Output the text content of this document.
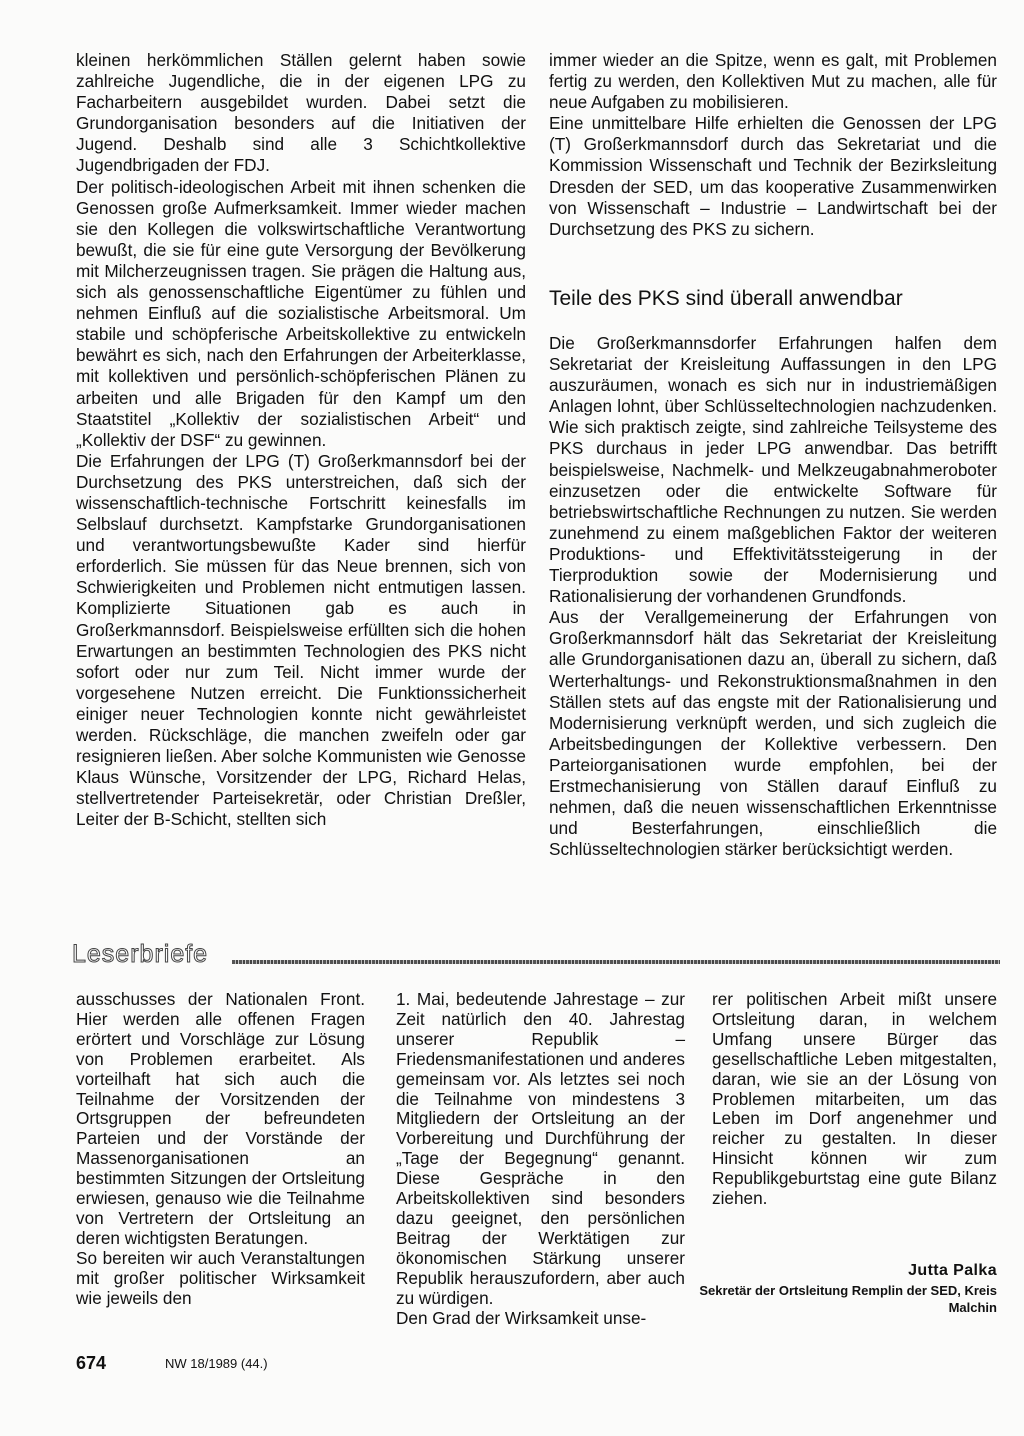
kleinen herkömmlichen Ställen gelernt haben sowie zahlreiche Jugendliche, die in der eigenen LPG zu Facharbeitern ausgebildet wurden. Dabei setzt die Grundorganisation besonders auf die Initiativen der Jugend. Deshalb sind alle 3 Schichtkollektive Jugendbrigaden der FDJ.

Der politisch-ideologischen Arbeit mit ihnen schenken die Genossen große Aufmerksamkeit. Immer wieder machen sie den Kollegen die volkswirtschaftliche Verantwortung bewußt, die sie für eine gute Versorgung der Bevölkerung mit Milcherzeugnissen tragen. Sie prägen die Haltung aus, sich als genossenschaftliche Eigentümer zu fühlen und nehmen Einfluß auf die sozialistische Arbeitsmoral. Um stabile und schöpferische Arbeitskollektive zu entwickeln bewährt es sich, nach den Erfahrungen der Arbeiterklasse, mit kollektiven und persönlich-schöpferischen Plänen zu arbeiten und alle Brigaden für den Kampf um den Staatstitel „Kollektiv der sozialistischen Arbeit“ und „Kollektiv der DSF“ zu gewinnen.

Die Erfahrungen der LPG (T) Großerkmannsdorf bei der Durchsetzung des PKS unterstreichen, daß sich der wissenschaftlich-technische Fortschritt keinesfalls im Selbslauf durchsetzt. Kampfstarke Grundorganisationen und verantwortungsbewußte Kader sind hierfür erforderlich. Sie müssen für das Neue brennen, sich von Schwierigkeiten und Problemen nicht entmutigen lassen. Komplizierte Situationen gab es auch in Großerkmannsdorf. Beispielsweise erfüllten sich die hohen Erwartungen an bestimmten Technologien des PKS nicht sofort oder nur zum Teil. Nicht immer wurde der vorgesehene Nutzen erreicht. Die Funktionssicherheit einiger neuer Technologien konnte nicht gewährleistet werden. Rückschläge, die manchen zweifeln oder gar resignieren ließen. Aber solche Kommunisten wie Genosse Klaus Wünsche, Vorsitzender der LPG, Richard Helas, stellvertretender Parteisekretär, oder Christian Dreßler, Leiter der B-Schicht, stellten sich

immer wieder an die Spitze, wenn es galt, mit Problemen fertig zu werden, den Kollektiven Mut zu machen, alle für neue Aufgaben zu mobilisieren.

Eine unmittelbare Hilfe erhielten die Genossen der LPG (T) Großerkmannsdorf durch das Sekretariat und die Kommission Wissenschaft und Technik der Bezirksleitung Dresden der SED, um das kooperative Zusammenwirken von Wissenschaft – Industrie – Landwirtschaft bei der Durchsetzung des PKS zu sichern.

Teile des PKS sind überall anwendbar

Die Großerkmannsdorfer Erfahrungen halfen dem Sekretariat der Kreisleitung Auffassungen in den LPG auszuräumen, wonach es sich nur in industriemäßigen Anlagen lohnt, über Schlüsseltechnologien nachzudenken. Wie sich praktisch zeigte, sind zahlreiche Teilsysteme des PKS durchaus in jeder LPG anwendbar. Das betrifft beispielsweise, Nachmelk- und Melkzeugabnahmeroboter einzusetzen oder die entwickelte Software für betriebswirtschaftliche Rechnungen zu nutzen. Sie werden zunehmend zu einem maßgeblichen Faktor der weiteren Produktions- und Effektivitätssteigerung in der Tierproduktion sowie der Modernisierung und Rationalisierung der vorhandenen Grundfonds.

Aus der Verallgemeinerung der Erfahrungen von Großerkmannsdorf hält das Sekretariat der Kreisleitung alle Grundorganisationen dazu an, überall zu sichern, daß Werterhaltungs- und Rekonstruktionsmaßnahmen in den Ställen stets auf das engste mit der Rationalisierung und Modernisierung verknüpft werden, und sich zugleich die Arbeitsbedingungen der Kollektive verbessern. Den Parteiorganisationen wurde empfohlen, bei der Erstmechanisierung von Ställen darauf Einfluß zu nehmen, daß die neuen wissenschaftlichen Erkenntnisse und Besterfahrungen, einschließlich die Schlüsseltechnologien stärker berücksichtigt werden.

Leserbriefe

ausschusses der Nationalen Front. Hier werden alle offenen Fragen erörtert und Vorschläge zur Lösung von Problemen erarbeitet. Als vorteilhaft hat sich auch die Teilnahme der Vorsitzenden der Ortsgruppen der befreundeten Parteien und der Vorstände der Massenorganisationen an bestimmten Sitzungen der Ortsleitung erwiesen, genauso wie die Teilnahme von Vertretern der Ortsleitung an deren wichtigsten Beratungen.

So bereiten wir auch Veranstaltungen mit großer politischer Wirksamkeit wie jeweils den

1. Mai, bedeutende Jahrestage – zur Zeit natürlich den 40. Jahrestag unserer Republik – Friedensmanifestationen und anderes gemeinsam vor. Als letztes sei noch die Teilnahme von mindestens 3 Mitgliedern der Ortsleitung an der Vorbereitung und Durchführung der „Tage der Begegnung“ genannt. Diese Gespräche in den Arbeitskollektiven sind besonders dazu geeignet, den persönlichen Beitrag der Werktätigen zur ökonomischen Stärkung unserer Republik herauszufordern, aber auch zu würdigen.

Den Grad der Wirksamkeit unse-

rer politischen Arbeit mißt unsere Ortsleitung daran, in welchem Umfang unsere Bürger das gesellschaftliche Leben mitgestalten, daran, wie sie an der Lösung von Problemen mitarbeiten, um das Leben im Dorf angenehmer und reicher zu gestalten. In dieser Hinsicht können wir zum Republikgeburtstag eine gute Bilanz ziehen.

Jutta Palka
Sekretär der Ortsleitung Remplin der SED, Kreis Malchin
674	NW 18/1989 (44.)
